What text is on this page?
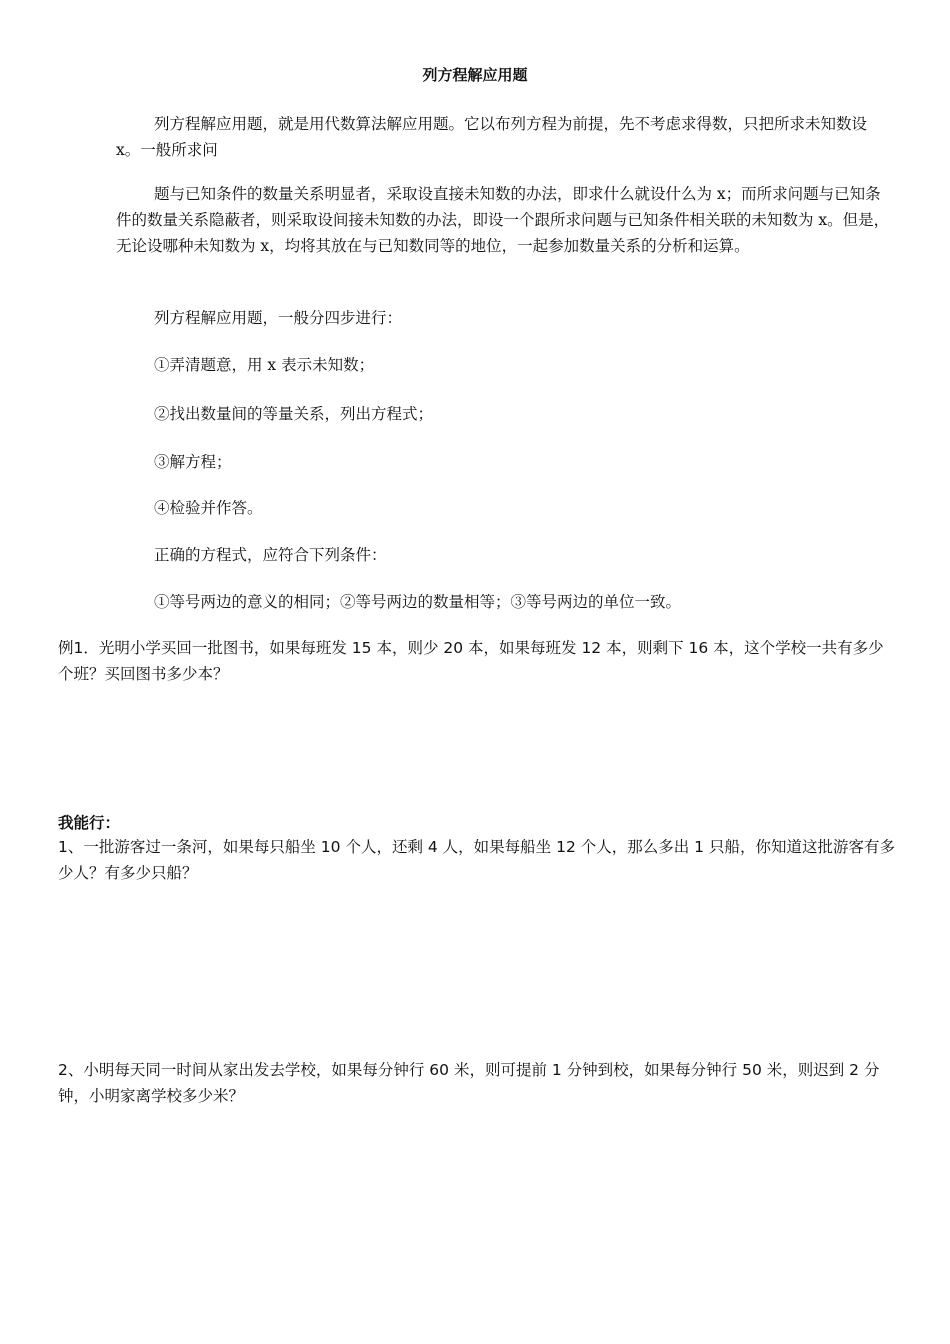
列方程解应用题

列方程解应用题，就是用代数算法解应用题。它以布列方程为前提，先不考虑求得数，只把所求未知数设 x。一般所求问

题与已知条件的数量关系明显者，采取设直接未知数的办法，即求什么就设什么为 x；而所求问题与已知条件的数量关系隐蔽者，则采取设间接未知数的办法，即设一个跟所求问题与已知条件相关联的未知数为 x。但是，无论设哪种未知数为 x，均将其放在与已知数同等的地位，一起参加数量关系的分析和运算。

列方程解应用题，一般分四步进行：

①弄清题意，用 x 表示未知数；

②找出数量间的等量关系，列出方程式；

③解方程；

④检验并作答。

正确的方程式，应符合下列条件：

①等号两边的意义的相同；②等号两边的数量相等；③等号两边的单位一致。

例1．光明小学买回一批图书，如果每班发 15 本，则少 20 本，如果每班发 12 本，则剩下 16 本，这个学校一共有多少个班？买回图书多少本？

我能行：

1、一批游客过一条河，如果每只船坐 10 个人，还剩 4 人，如果每船坐 12 个人，那么多出 1 只船，你知道这批游客有多少人？有多少只船？

2、小明每天同一时间从家出发去学校，如果每分钟行 60 米，则可提前 1 分钟到校，如果每分钟行 50 米，则迟到 2 分钟，小明家离学校多少米？
